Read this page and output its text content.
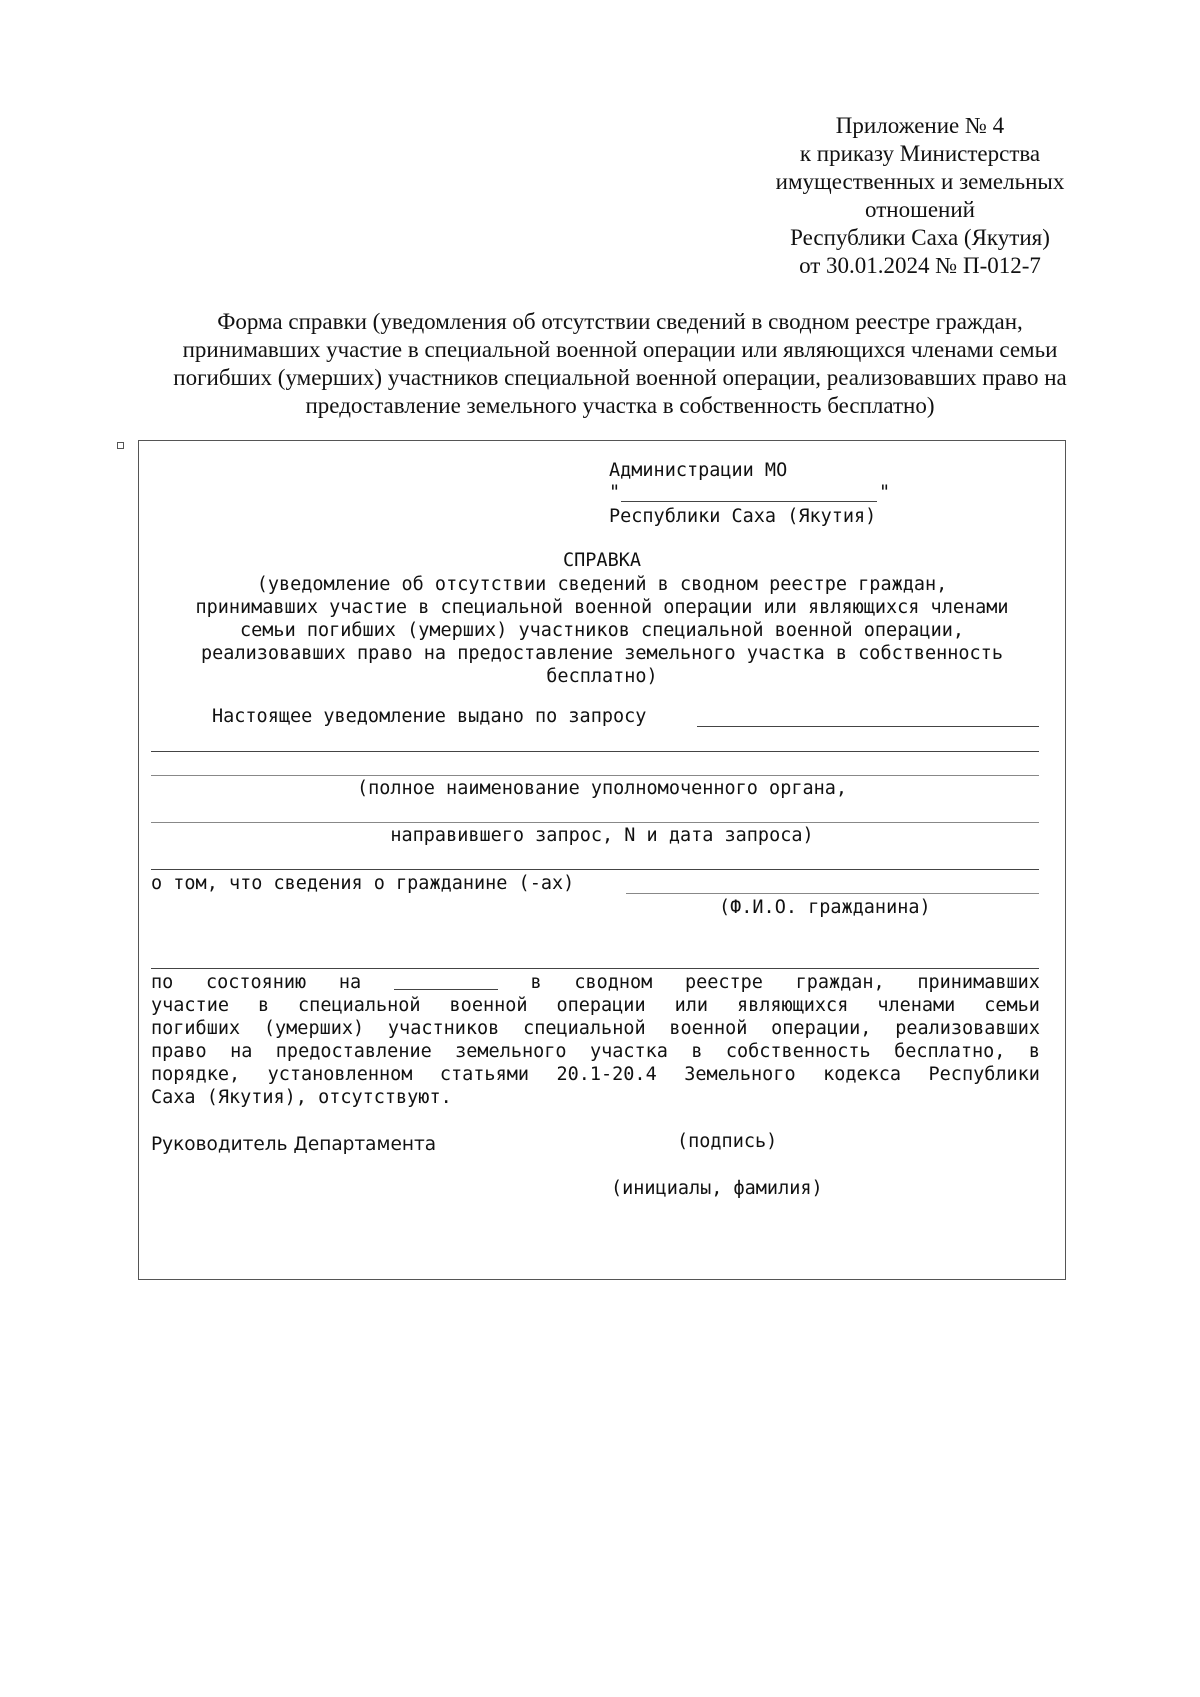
Приложение № 4
к приказу Министерства
имущественных и земельных
отношений
Республики Саха (Якутия)
от 30.01.2024 № П-012-7
Форма справки (уведомления об отсутствии сведений в сводном реестре граждан,
принимавших участие в специальной военной операции или являющихся членами семьи
погибших (умерших) участников специальной военной операции, реализовавших право на
предоставление земельного участка в собственность бесплатно)
Администрации МО
"	"
Республики Саха (Якутия)
СПРАВКА
(уведомление об отсутствии сведений в сводном реестре граждан,
принимавших участие в специальной военной операции или являющихся членами
семьи погибших (умерших) участников специальной военной операции,
реализовавших право на предоставление земельного участка в собственность
бесплатно)
Настоящее уведомление выдано по запросу
(полное наименование уполномоченного органа,
направившего запрос, N и дата запроса)
о том, что сведения о гражданине (-ах)
(Ф.И.О. гражданина)
по состоянию на	в сводном реестре граждан, принимавших
участие в специальной военной операции или являющихся членами семьи
погибших (умерших) участников специальной военной операции, реализовавших
право на предоставление земельного участка в собственность бесплатно, в
порядке, установленном статьями 20.1-20.4 Земельного кодекса Республики
Саха (Якутия), отсутствуют.
Руководитель Департамента	(подпись)
(инициалы, фамилия)
